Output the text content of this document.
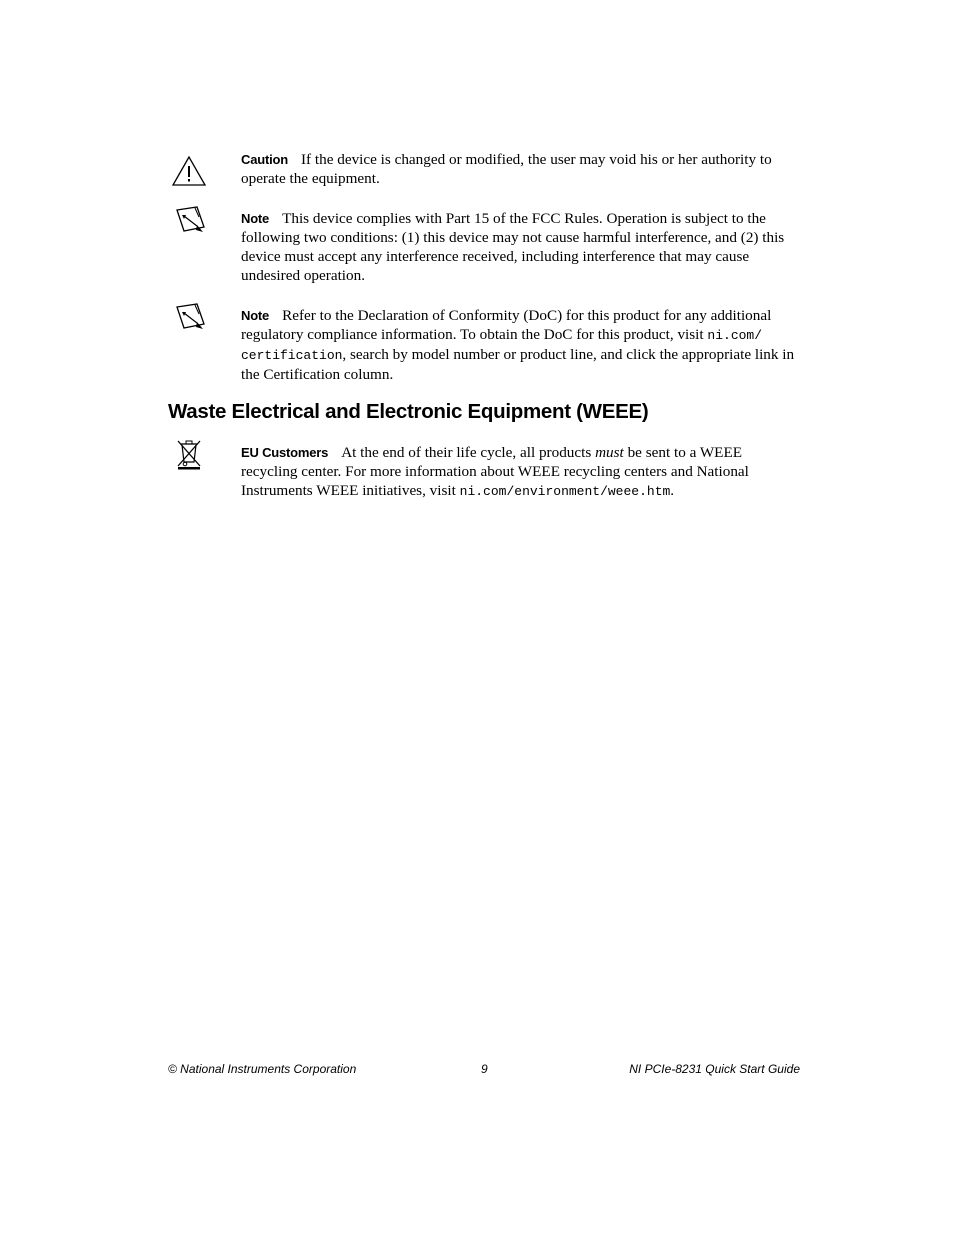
Caution If the device is changed or modified, the user may void his or her authority to operate the equipment.
Note This device complies with Part 15 of the FCC Rules. Operation is subject to the following two conditions: (1) this device may not cause harmful interference, and (2) this device must accept any interference received, including interference that may cause undesired operation.
Note Refer to the Declaration of Conformity (DoC) for this product for any additional regulatory compliance information. To obtain the DoC for this product, visit ni.com/ certification, search by model number or product line, and click the appropriate link in the Certification column.
Waste Electrical and Electronic Equipment (WEEE)
EU Customers At the end of their life cycle, all products must be sent to a WEEE recycling center. For more information about WEEE recycling centers and National Instruments WEEE initiatives, visit ni.com/environment/weee.htm.
© National Instruments Corporation	9	NI PCIe-8231 Quick Start Guide
